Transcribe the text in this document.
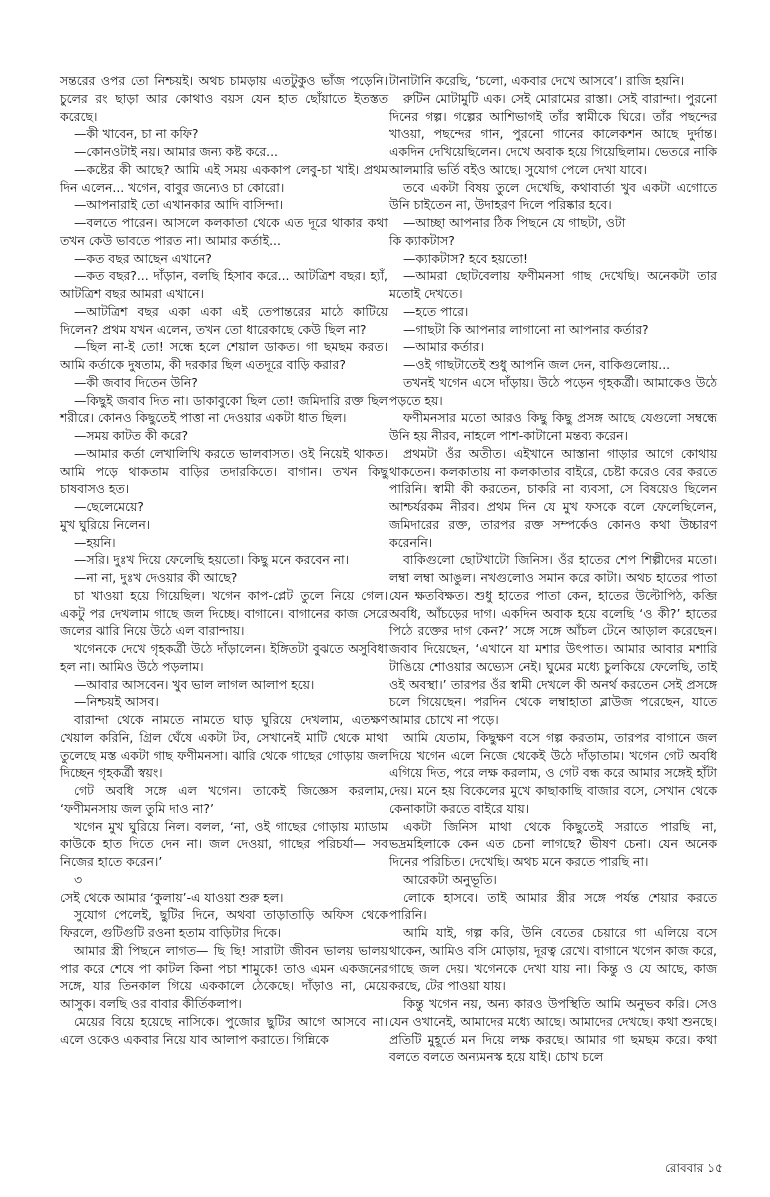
সন্তরের ওপর তো নিশ্চয়ই। অথচ চামড়ায় এতটুকুও ভাঁজ পড়েনি। চুলের রং ছাড়া আর কোথাও বয়স যেন হাত ছোঁয়াতে ইতস্তত করেছে।

—কী খাবেন, চা না কফি?

—কোনওটাই নয়। আমার জন্য কষ্ট করে...

—কষ্টের কী আছে? আমি এই সময় এককাপ লেবু-চা খাই। প্রথম দিন এলেন... খগেন, বাবুর জন্যেও চা কোরো।

—আপনারাই তো এখানকার আদি বাসিন্দা।

—বলতে পারেন। আসলে কলকাতা থেকে এত দূরে থাকার কথা তখন কেউ ভাবতে পারত না। আমার কর্তাই...

—কত বছর আছেন এখানে?

—কত বছর?... দাঁড়ান, বলছি হিসাব করে... আটত্রিশ বছর। হ্যাঁ, আটত্রিশ বছর আমরা এখানে।

—আটত্রিশ বছর একা একা এই তেপান্তরের মাঠে কাটিয়ে দিলেন? প্রথম যখন এলেন, তখন তো ধারেকাছে কেউ ছিল না?

—ছিল না-ই তো! সন্ধে হলে শেয়াল ডাকত। গা ছমছম করত। আমি কর্তাকে দুষতাম, কী দরকার ছিল এতদূরে বাড়ি করার?

—কী জবাব দিতেন উনি?

—কিছুই জবাব দিত না। ডাকাবুকো ছিল তো! জমিদারি রক্ত ছিল শরীরে। কোনও কিছুতেই পাত্তা না দেওয়ার একটা ধাত ছিল।

—সময় কাটত কী করে?

—আমার কর্তা লেখালিখি করতে ভালবাসত। ওই নিয়েই থাকত। আমি পড়ে থাকতাম বাড়ির তদারকিতে। বাগান। তখন কিছু চাষবাসও হত।

—ছেলেমেয়ে?

মুখ ঘুরিয়ে নিলেন।

—হয়নি।

—সরি। দুঃখ দিয়ে ফেলেছি হয়তো। কিছু মনে করবেন না।

—না না, দুঃখ দেওয়ার কী আছে?

চা খাওয়া হয়ে গিয়েছিল। খগেন কাপ-প্লেট তুলে নিয়ে গেল। একটু পর দেখলাম গাছে জল দিচ্ছে। বাগানে। বাগানের কাজ সেরে জলের ঝারি নিয়ে উঠে এল বারান্দায়।

খগেনকে দেখে গৃহকর্ত্রী উঠে দাঁড়ালেন। ইঙ্গিতটা বুঝতে অসুবিধা হল না। আমিও উঠে পড়লাম।

—আবার আসবেন। খুব ভাল লাগল আলাপ হয়ে।

—নিশ্চয়ই আসব।

বারান্দা থেকে নামতে নামতে ঘাড় ঘুরিয়ে দেখলাম, এতক্ষণ খেয়াল করিনি, গ্রিল ঘেঁষে একটা টব, সেখানেই মাটি থেকে মাথা তুলেছে মস্ত একটা গাছ ফণীমনসা। ঝারি থেকে গাছের গোড়ায় জল দিচ্ছেন গৃহকর্ত্রী স্বয়ং।

গেট অবধি সঙ্গে এল খগেন। তাকেই জিজ্ঞেস করলাম, ‘ফণীমনসায় জল তুমি দাও না?’

খগেন মুখ ঘুরিয়ে নিল। বলল, ‘না, ওই গাছের গোড়ায় ম্যাডাম কাউকে হাত দিতে দেন না। জল দেওয়া, গাছের পরিচর্যা— সব নিজের হাতে করেন।’

৩

সেই থেকে আমার ‘কুলায়’-এ যাওয়া শুরু হল।

সুযোগ পেলেই, ছুটির দিনে, অথবা তাড়াতাড়ি অফিস থেকে ফিরলে, গুটিগুটি রওনা হতাম বাড়িটার দিকে।

আমার স্ত্রী পিছনে লাগত— ছি ছি! সারাটা জীবন ভালয় ভালয় পার করে শেষে পা কাটল কিনা পচা শামুকে! তাও এমন একজনের সঙ্গে, যার তিনকাল গিয়ে এককালে ঠেকেছে। দাঁড়াও না, মেয়ে আসুক। বলছি ওর বাবার কীর্তিকলাপ।

মেয়ের বিয়ে হয়েছে নাসিকে। পুজোর ছুটির আগে আসবে না। এলে ওকেও একবার নিয়ে যাব আলাপ করাতে। গিন্নিকে

টানাটানি করেছি, ‘চলো, একবার দেখে আসবে’। রাজি হয়নি।

রুটিন মোটামুটি এক। সেই মোরামের রাস্তা। সেই বারান্দা। পুরনো দিনের গল্প। গল্পের আশিভাগই তাঁর স্বামীকে ঘিরে। তাঁর পছন্দের খাওয়া, পছন্দের গান, পুরনো গানের কালেকশন আছে দুর্দান্ত। একদিন দেখিয়েছিলেন। দেখে অবাক হয়ে গিয়েছিলাম। ভেতরে নাকি আলমারি ভর্তি বইও আছে। সুযোগ পেলে দেখা যাবে।

তবে একটা বিষয় তুলে দেখেছি, কথাবার্তা খুব একটা এগোতে উনি চাইতেন না, উদাহরণ দিলে পরিষ্কার হবে।

—আচ্ছা আপনার ঠিক পিছনে যে গাছটা, ওটা

কি ক্যাকটাস?

—ক্যাকটাস? হবে হয়তো!

—আমরা ছোটবেলায় ফণীমনসা গাছ দেখেছি। অনেকটা তার মতোই দেখতে।

—হতে পারে।

—গাছটা কি আপনার লাগানো না আপনার কর্তার?

—আমার কর্তার।

—ওই গাছটাতেই শুধু আপনি জল দেন, বাকিগুলোয়...

তখনই খগেন এসে দাঁড়ায়। উঠে পড়েন গৃহকর্ত্রী। আমাকেও উঠে পড়তে হয়।

ফণীমনসার মতো আরও কিছু কিছু প্রসঙ্গ আছে যেগুলো সম্বন্ধে উনি হয় নীরব, নাহলে পাশ-কাটানো মন্তব্য করেন।

প্রথমটা ওঁর অতীত। এইখানে আস্তানা গাড়ার আগে কোথায় থাকতেন। কলকাতায় না কলকাতার বাইরে, চেষ্টা করেও বের করতে পারিনি। স্বামী কী করতেন, চাকরি না ব্যবসা, সে বিষয়েও ছিলেন আশ্চর্যরকম নীরব। প্রথম দিন যে মুখ ফসকে বলে ফেলেছিলেন, জমিদারের রক্ত, তারপর রক্ত সম্পর্কেও কোনও কথা উচ্চারণ করেননি।

বাকিগুলো ছোটখাটো জিনিস। ওঁর হাতের শেপ শিল্পীদের মতো। লম্বা লম্বা আঙুল। নখগুলোও সমান করে কাটা। অথচ হাতের পাতা যেন ক্ষতবিক্ষত। শুধু হাতের পাতা কেন, হাতের উল্টোপিঠ, কব্জি অবধি, আঁচড়ের দাগ। একদিন অবাক হয়ে বলেছি ‘ও কী?’ হাতের পিঠে রক্তের দাগ কেন?’ সঙ্গে সঙ্গে আঁচল টেনে আড়াল করেছেন। জবাব দিয়েছেন, ‘এখানে যা মশার উৎপাত। আমার আবার মশারি টাঙিয়ে শোওয়ার অভ্যেস নেই। ঘুমের মধ্যে চুলকিয়ে ফেলেছি, তাই ওই অবস্থা।’ তারপর ওঁর স্বামী দেখলে কী অনর্থ করতেন সেই প্রসঙ্গে চলে গিয়েছেন। পরদিন থেকে লম্বাহাতা ব্লাউজ পরেছেন, যাতে আমার চোখে না পড়ে।

আমি যেতাম, কিছুক্ষণ বসে গল্প করতাম, তারপর বাগানে জল দিয়ে খগেন এলে নিজে থেকেই উঠে দাঁড়াতাম। খগেন গেট অবধি এগিয়ে দিত, পরে লক্ষ করলাম, ও গেট বন্ধ করে আমার সঙ্গেই হাঁটা দেয়। মনে হয় বিকেলের মুখে কাছাকাছি বাজার বসে, সেখান থেকে কেনাকাটা করতে বাইরে যায়।

একটা জিনিস মাথা থেকে কিছুতেই সরাতে পারছি না, ভদ্রমহিলাকে কেন এত চেনা লাগছে? ভীষণ চেনা। যেন অনেক দিনের পরিচিত। দেখেছি। অথচ মনে করতে পারছি না।

আরেকটা অনুভূতি।

লোকে হাসবে। তাই আমার স্ত্রীর সঙ্গে পর্যন্ত শেয়ার করতে পারিনি।

আমি যাই, গল্প করি, উনি বেতের চেয়ারে গা এলিয়ে বসে থাকেন, আমিও বসি মোড়ায়, দূরত্ব রেখে। বাগানে খগেন কাজ করে, গাছে জল দেয়। খগেনকে দেখা যায় না। কিন্তু ও যে আছে, কাজ করছে, টের পাওয়া যায়।

কিন্তু খগেন নয়, অন্য কারও উপস্থিতি আমি অনুভব করি। সেও যেন ওখানেই, আমাদের মধ্যে আছে। আমাদের দেখছে। কথা শুনছে। প্রতিটি মুহূর্তে মন দিয়ে লক্ষ করছে। আমার গা ছমছম করে। কথা বলতে বলতে অন্যমনস্ক হয়ে যাই। চোখ চলে

রোববার ১৫
